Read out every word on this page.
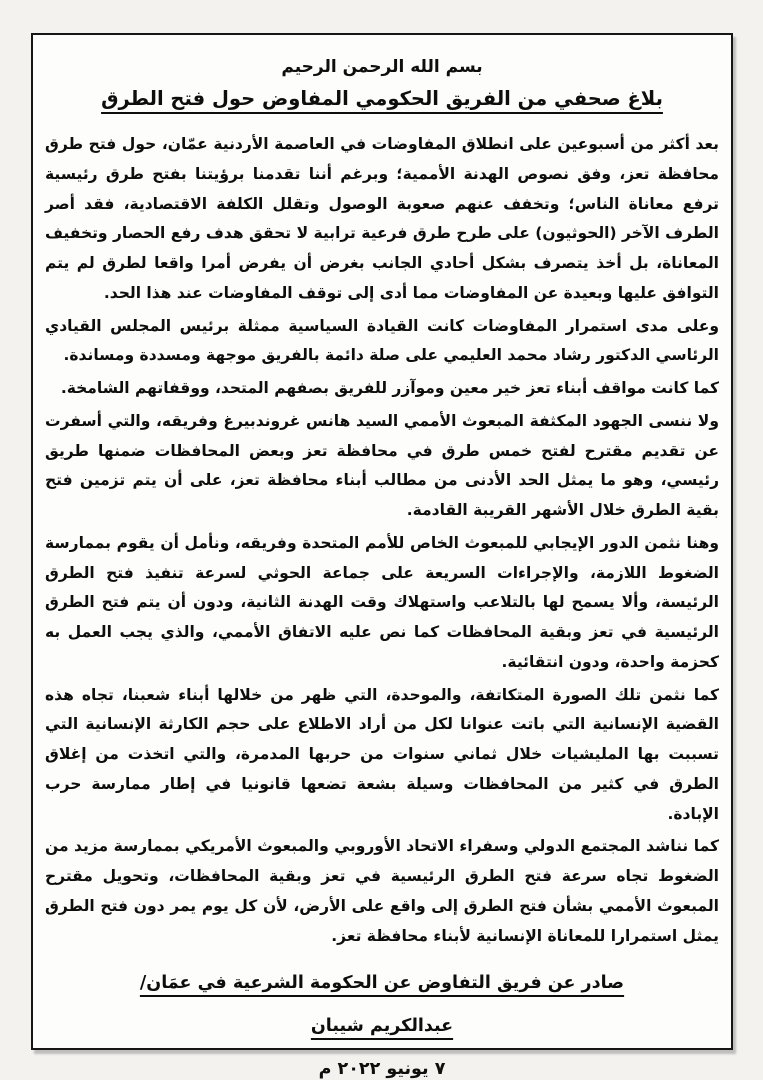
بسم الله الرحمن الرحيم
بلاغ صحفي من الفريق الحكومي المفاوض حول فتح الطرق

بعد أكثر من أسبوعين على انطلاق المفاوضات في العاصمة الأردنية عمّان، حول فتح طرق محافظة تعز، وفق نصوص الهدنة الأممية؛ وبرغم أننا تقدمنا برؤيتنا بفتح طرق رئيسية ترفع معاناة الناس؛ وتخفف عنهم صعوبة الوصول وتقلل الكلفة الاقتصادية، فقد أصر الطرف الآخر (الحوثيون) على طرح طرق فرعية ترابية لا تحقق هدف رفع الحصار وتخفيف المعاناة، بل أخذ يتصرف بشكل أحادي الجانب بغرض أن يفرض أمرا واقعا لطرق لم يتم التوافق عليها وبعيدة عن المفاوضات مما أدى إلى توقف المفاوضات عند هذا الحد.

وعلى مدى استمرار المفاوضات كانت القيادة السياسية ممثلة برئيس المجلس القيادي الرئاسي الدكتور رشاد محمد العليمي على صلة دائمة بالفريق موجهة ومسددة ومساندة.

كما كانت مواقف أبناء تعز خير معين وموآزر للفريق بصفهم المتحد، ووقفاتهم الشامخة.

ولا ننسى الجهود المكثفة المبعوث الأممي السيد هانس غروندبيرغ وفريقه، والتي أسفرت عن تقديم مقترح لفتح خمس طرق في محافظة تعز وبعض المحافظات ضمنها طريق رئيسي، وهو ما يمثل الحد الأدنى من مطالب أبناء محافظة تعز، على أن يتم تزمين فتح بقية الطرق خلال الأشهر القريبة القادمة.

وهنا نثمن الدور الإيجابي للمبعوث الخاص للأمم المتحدة وفريقه، ونأمل أن يقوم بممارسة الضغوط اللازمة، والإجراءات السريعة على جماعة الحوثي لسرعة تنفيذ فتح الطرق الرئيسة، وألا يسمح لها بالتلاعب واستهلاك وقت الهدنة الثانية، ودون أن يتم فتح الطرق الرئيسية في تعز وبقية المحافظات كما نص عليه الاتفاق الأممي، والذي يجب العمل به كحزمة واحدة، ودون انتقائية.

كما نثمن تلك الصورة المتكاتفة، والموحدة، التي ظهر من خلالها أبناء شعبنا، تجاه هذه القضية الإنسانية التي باتت عنوانا لكل من أراد الاطلاع على حجم الكارثة الإنسانية التي تسببت بها المليشيات خلال ثماني سنوات من حربها المدمرة، والتي اتخذت من إغلاق الطرق في كثير من المحافظات وسيلة بشعة تضعها قانونيا في إطار ممارسة حرب الإبادة.

كما نناشد المجتمع الدولي وسفراء الاتحاد الأوروبي والمبعوث الأمريكي بممارسة مزيد من الضغوط تجاه سرعة فتح الطرق الرئيسية في تعز وبقية المحافظات، وتحويل مقترح المبعوث الأممي بشأن فتح الطرق إلى واقع على الأرض، لأن كل يوم يمر دون فتح الطرق يمثل استمرارا للمعاناة الإنسانية لأبناء محافظة تعز.

صادر عن فريق التفاوض عن الحكومة الشرعية في عمَان/
عبدالكريم شيبان
٧ يونيو ٢٠٢٢ م
